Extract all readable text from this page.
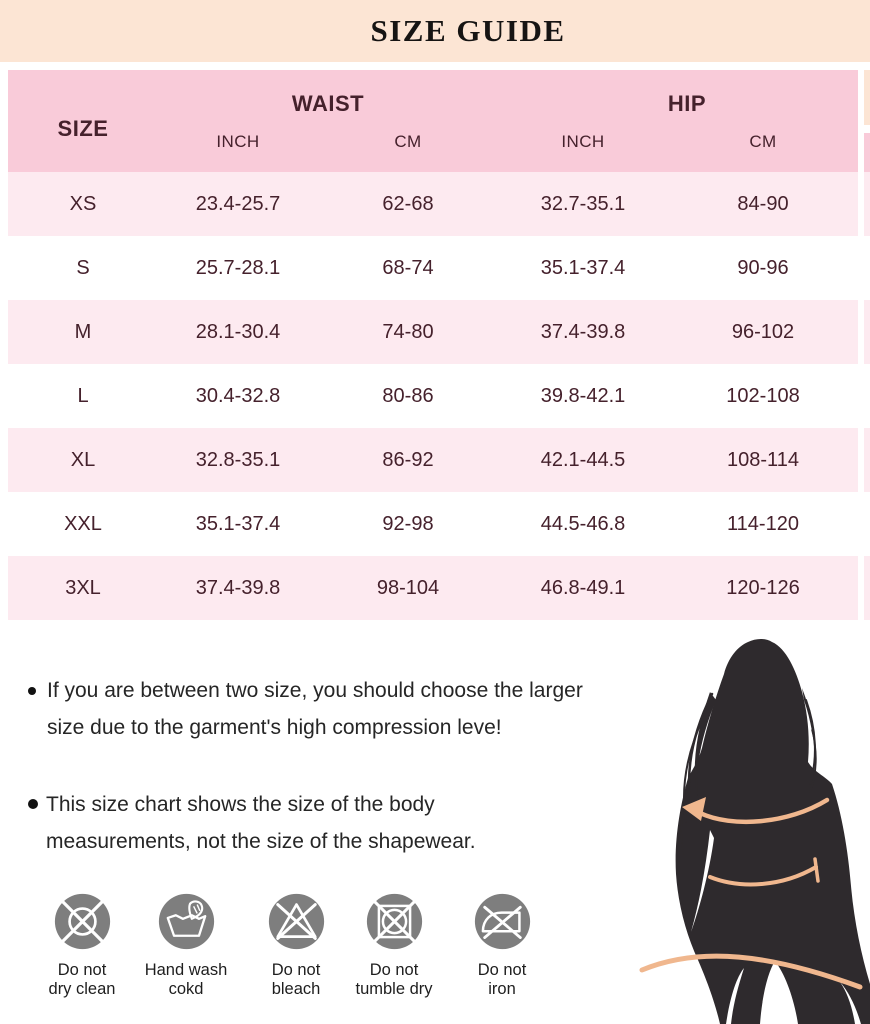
SIZE GUIDE
SIZE
WAIST	HIP
INCH	CM	INCH	CM
XS	23.4-25.7	62-68	32.7-35.1	84-90
S	25.7-28.1	68-74	35.1-37.4	90-96
M	28.1-30.4	74-80	37.4-39.8	96-102
L	30.4-32.8	80-86	39.8-42.1	102-108
XL	32.8-35.1	86-92	42.1-44.5	108-114
XXL	35.1-37.4	92-98	44.5-46.8	114-120
3XL	37.4-39.8	98-104	46.8-49.1	120-126
If you are between two size, you should choose the larger
size due to the garment's high compression leve!
This size chart shows the size of the body
measurements, not the size of the shapewear.
Do not
dry clean
Hand wash
cokd
Do not
bleach
Do not
tumble dry
Do not
iron
